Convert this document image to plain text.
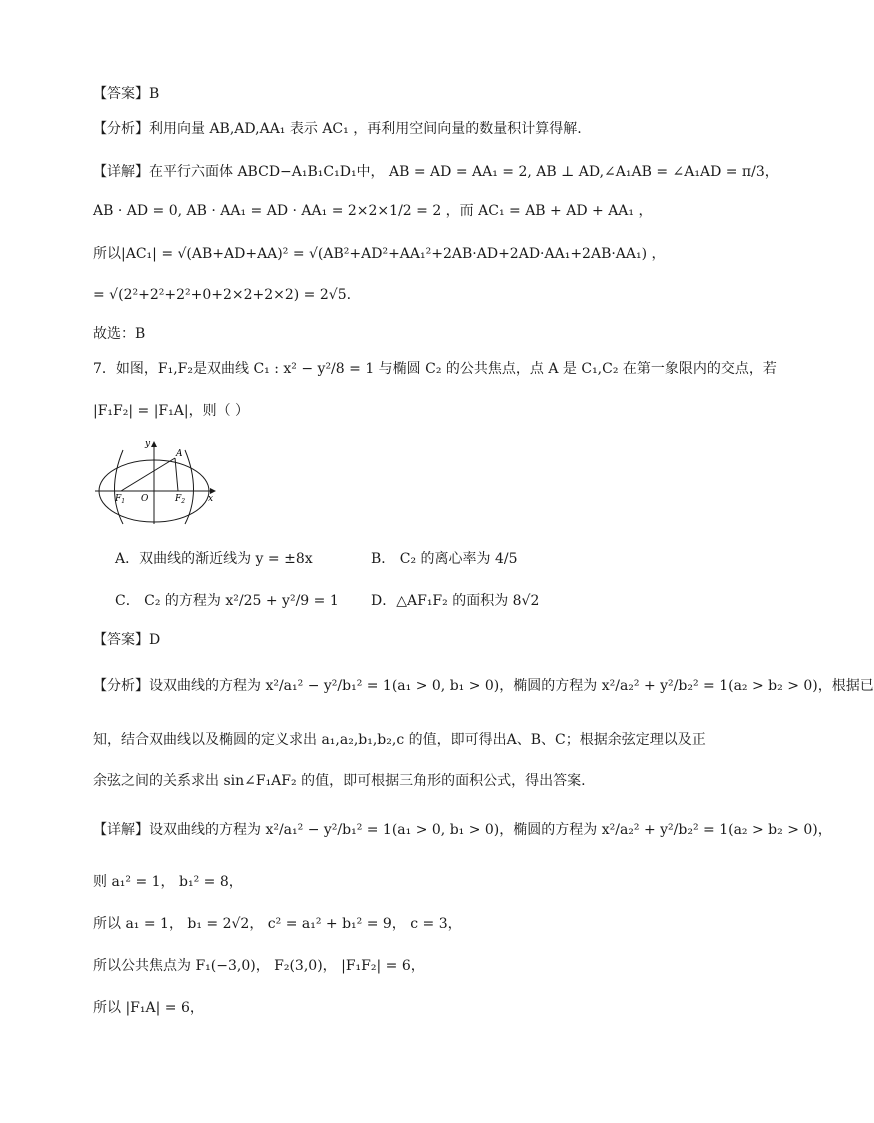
【答案】B
【分析】利用向量 AB,AD,AA₁ 表示 AC₁ ，再利用空间向量的数量积计算得解.
【详解】在平行六面体 ABCD−A₁B₁C₁D₁中， AB = AD = AA₁ = 2, AB ⊥ AD,∠A₁AB = ∠A₁AD = π/3，
AB · AD = 0, AB · AA₁ = AD · AA₁ = 2×2×1/2 = 2 ，而 AC₁ = AB + AD + AA₁ ，
所以|AC₁| = √(AB+AD+AA)² = √(AB²+AD²+AA₁²+2AB·AD+2AD·AA₁+2AB·AA₁) ，
= √(2²+2²+2²+0+2×2+2×2) = 2√5.
故选：B
7．如图，F₁,F₂是双曲线 C₁ : x² − y²/8 = 1 与椭圆 C₂ 的公共焦点，点 A 是 C₁,C₂ 在第一象限内的交点，若
|F₁F₂| = |F₁A|，则（ ）
y
x
A
O
$F_1$	$F_2$
A．双曲线的渐近线为 y = ±8x	B． C₂ 的离心率为 4/5
C． C₂ 的方程为 x²/25 + y²/9 = 1 D．△AF₁F₂ 的面积为 8√2
【答案】D
【分析】设双曲线的方程为 x²/a₁² − y²/b₁² = 1(a₁ > 0, b₁ > 0)，椭圆的方程为 x²/a₂² + y²/b₂² = 1(a₂ > b₂ > 0)，根据已
知，结合双曲线以及椭圆的定义求出 a₁,a₂,b₁,b₂,c 的值，即可得出A、B、C；根据余弦定理以及正
余弦之间的关系求出 sin∠F₁AF₂ 的值，即可根据三角形的面积公式，得出答案.
【详解】设双曲线的方程为 x²/a₁² − y²/b₁² = 1(a₁ > 0, b₁ > 0)，椭圆的方程为 x²/a₂² + y²/b₂² = 1(a₂ > b₂ > 0)，
则 a₁² = 1， b₁² = 8，
所以 a₁ = 1， b₁ = 2√2， c² = a₁² + b₁² = 9， c = 3，
所以公共焦点为 F₁(−3,0)， F₂(3,0)， |F₁F₂| = 6，
所以 |F₁A| = 6，
